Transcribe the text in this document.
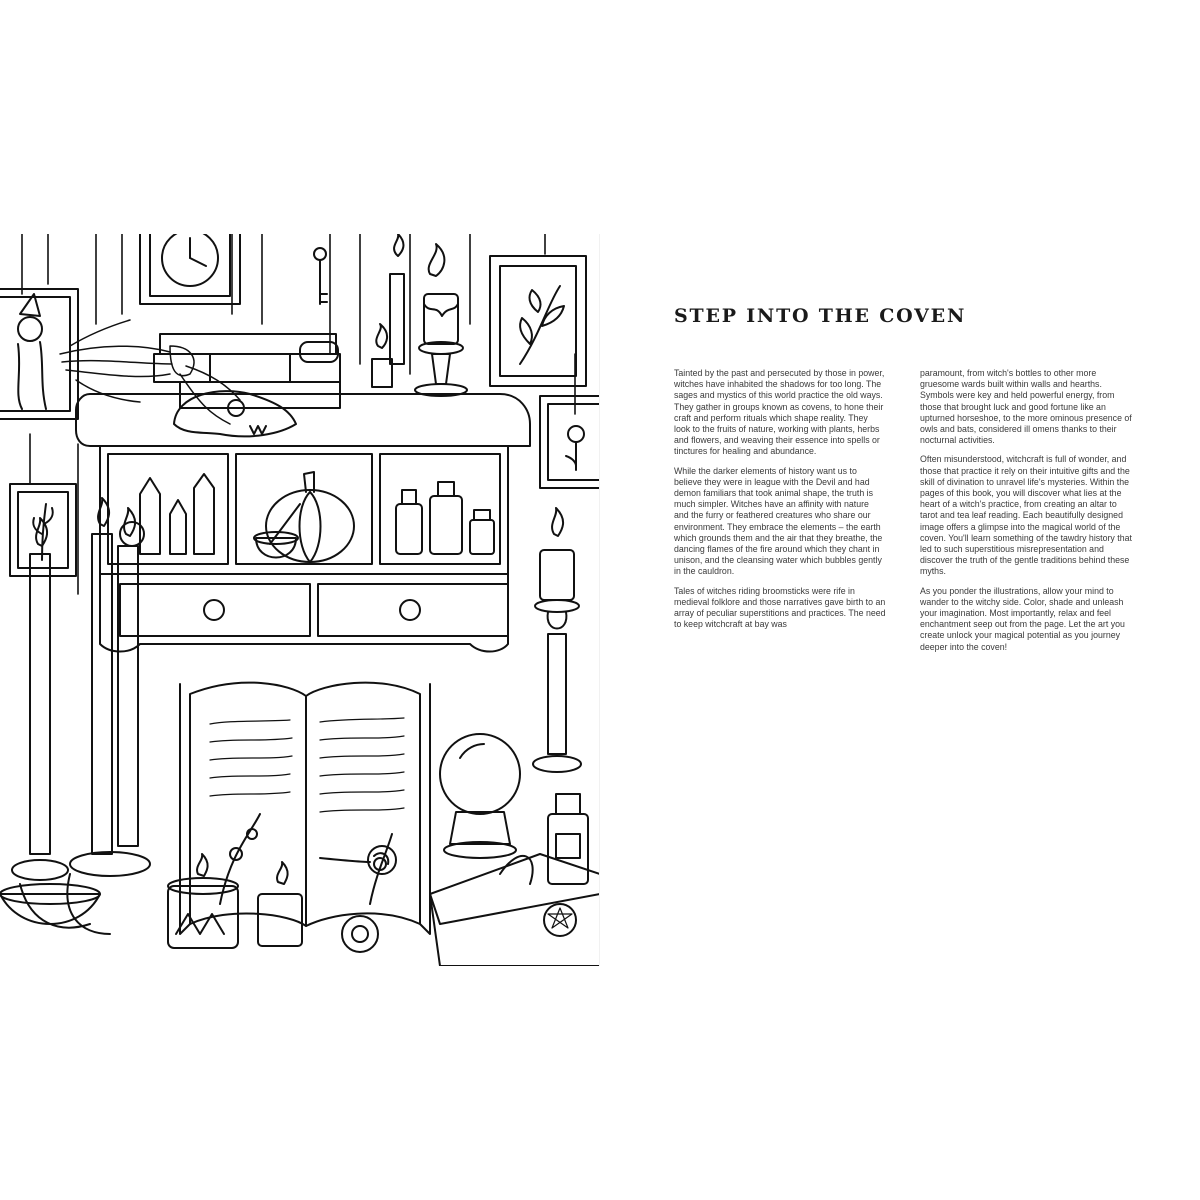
STEP INTO THE COVEN

Tainted by the past and persecuted by those in power, witches have inhabited the shadows for too long. The sages and mystics of this world practice the old ways. They gather in groups known as covens, to hone their craft and perform rituals which shape reality. They look to the fruits of nature, working with plants, herbs and flowers, and weaving their essence into spells or tinctures for healing and abundance.

While the darker elements of history want us to believe they were in league with the Devil and had demon familiars that took animal shape, the truth is much simpler. Witches have an affinity with nature and the furry or feathered creatures who share our environment. They embrace the elements – the earth which grounds them and the air that they breathe, the dancing flames of the fire around which they chant in unison, and the cleansing water which bubbles gently in the cauldron.

Tales of witches riding broomsticks were rife in medieval folklore and those narratives gave birth to an array of peculiar superstitions and practices. The need to keep witchcraft at bay was

paramount, from witch's bottles to other more gruesome wards built within walls and hearths. Symbols were key and held powerful energy, from those that brought luck and good fortune like an upturned horseshoe, to the more ominous presence of owls and bats, considered ill omens thanks to their nocturnal activities.

Often misunderstood, witchcraft is full of wonder, and those that practice it rely on their intuitive gifts and the skill of divination to unravel life's mysteries. Within the pages of this book, you will discover what lies at the heart of a witch's practice, from creating an altar to tarot and tea leaf reading. Each beautifully designed image offers a glimpse into the magical world of the coven. You'll learn something of the tawdry history that led to such superstitious misrepresentation and discover the truth of the gentle traditions behind these myths.

As you ponder the illustrations, allow your mind to wander to the witchy side. Color, shade and unleash your imagination. Most importantly, relax and feel enchantment seep out from the page. Let the art you create unlock your magical potential as you journey deeper into the coven!
